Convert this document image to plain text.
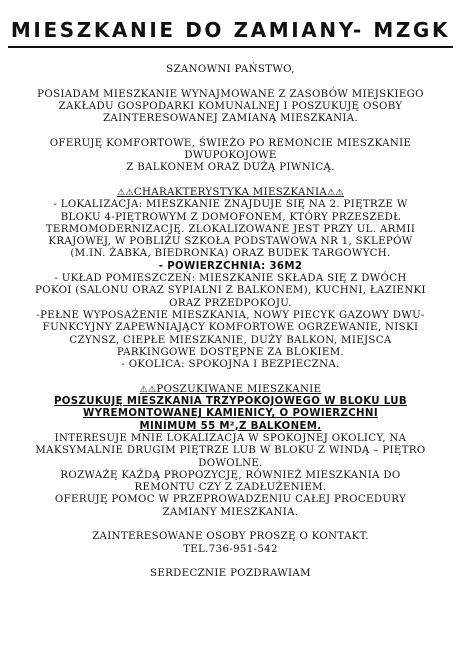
MIESZKANIE DO ZAMIANY- MZGK

SZANOWNI PAŃSTWO,

POSIADAM MIESZKANIE WYNAJMOWANE Z ZASOBÓW MIEJSKIEGO

ZAKŁADU GOSPODARKI KOMUNALNEJ I POSZUKUJĘ OSOBY

ZAINTERESOWANEJ ZAMIANĄ MIESZKANIA.

OFERUJĘ KOMFORTOWE, ŚWIEŻO PO REMONCIE MIESZKANIE

DWUPOKOJOWE

Z BALKONEM ORAZ DUŻĄ PIWNICĄ.

⚠⚠CHARAKTERYSTYKA MIESZKANIA⚠⚠

- LOKALIZACJA: MIESZKANIE ZNAJDUJE SIĘ NA 2. PIĘTRZE W

BLOKU 4-PIĘTROWYM Z DOMOFONEM, KTÓRY PRZESZEDŁ

TERMOMODERNIZACJĘ. ZLOKALIZOWANE JEST PRZY UL. ARMII

KRAJOWEJ, W POBLIŻU SZKOŁA PODSTAWOWA NR 1, SKLEPÓW

(M.IN. ŻABKA, BIEDRONKA) ORAZ BUDEK TARGOWYCH.

- POWIERZCHNIA: 36M2

- UKŁAD POMIESZCZEŃ: MIESZKANIE SKŁADA SIĘ Z DWÓCH

POKOI (SALONU ORAZ SYPIALNI Z BALKONEM), KUCHNI, ŁAZIENKI

ORAZ PRZEDPOKOJU.

-PEŁNE WYPOSAŻENIE MIESZKANIA, NOWY PIECYK GAZOWY DWU-

FUNKCYJNY ZAPEWNIAJĄCY KOMFORTOWE OGRZEWANIE, NISKI

CZYNSZ, CIEPŁE MIESZKANIE, DUŻY BALKON, MIEJSCA

PARKINGOWE DOSTĘPNE ZA BLOKIEM.

- OKOLICA: SPOKOJNA I BEZPIECZNA.

⚠⚠POSZUKIWANE MIESZKANIE

POSZUKUJĘ MIESZKANIA TRZYPOKOJOWEGO W BLOKU LUB

WYREMONTOWANEJ KAMIENICY, O POWIERZCHNI

MINIMUM 55 M²,Z BALKONEM.

INTERESUJE MNIE LOKALIZACJA W SPOKOJNEJ OKOLICY, NA

MAKSYMALNIE DRUGIM PIĘTRZE LUB W BLOKU Z WINDĄ – PIĘTRO

DOWOLNE.

ROZWAŻĘ KAŻDĄ PROPOZYCJĘ, RÓWNIEŻ MIESZKANIA DO

REMONTU CZY Z ZADŁUŻENIEM.

OFERUJĘ POMOC W PRZEPROWADZENIU CAŁEJ PROCEDURY

ZAMIANY MIESZKANIA.

ZAINTERESOWANE OSOBY PROSZĘ O KONTAKT.

TEL.736-951-542

SERDECZNIE POZDRAWIAM
